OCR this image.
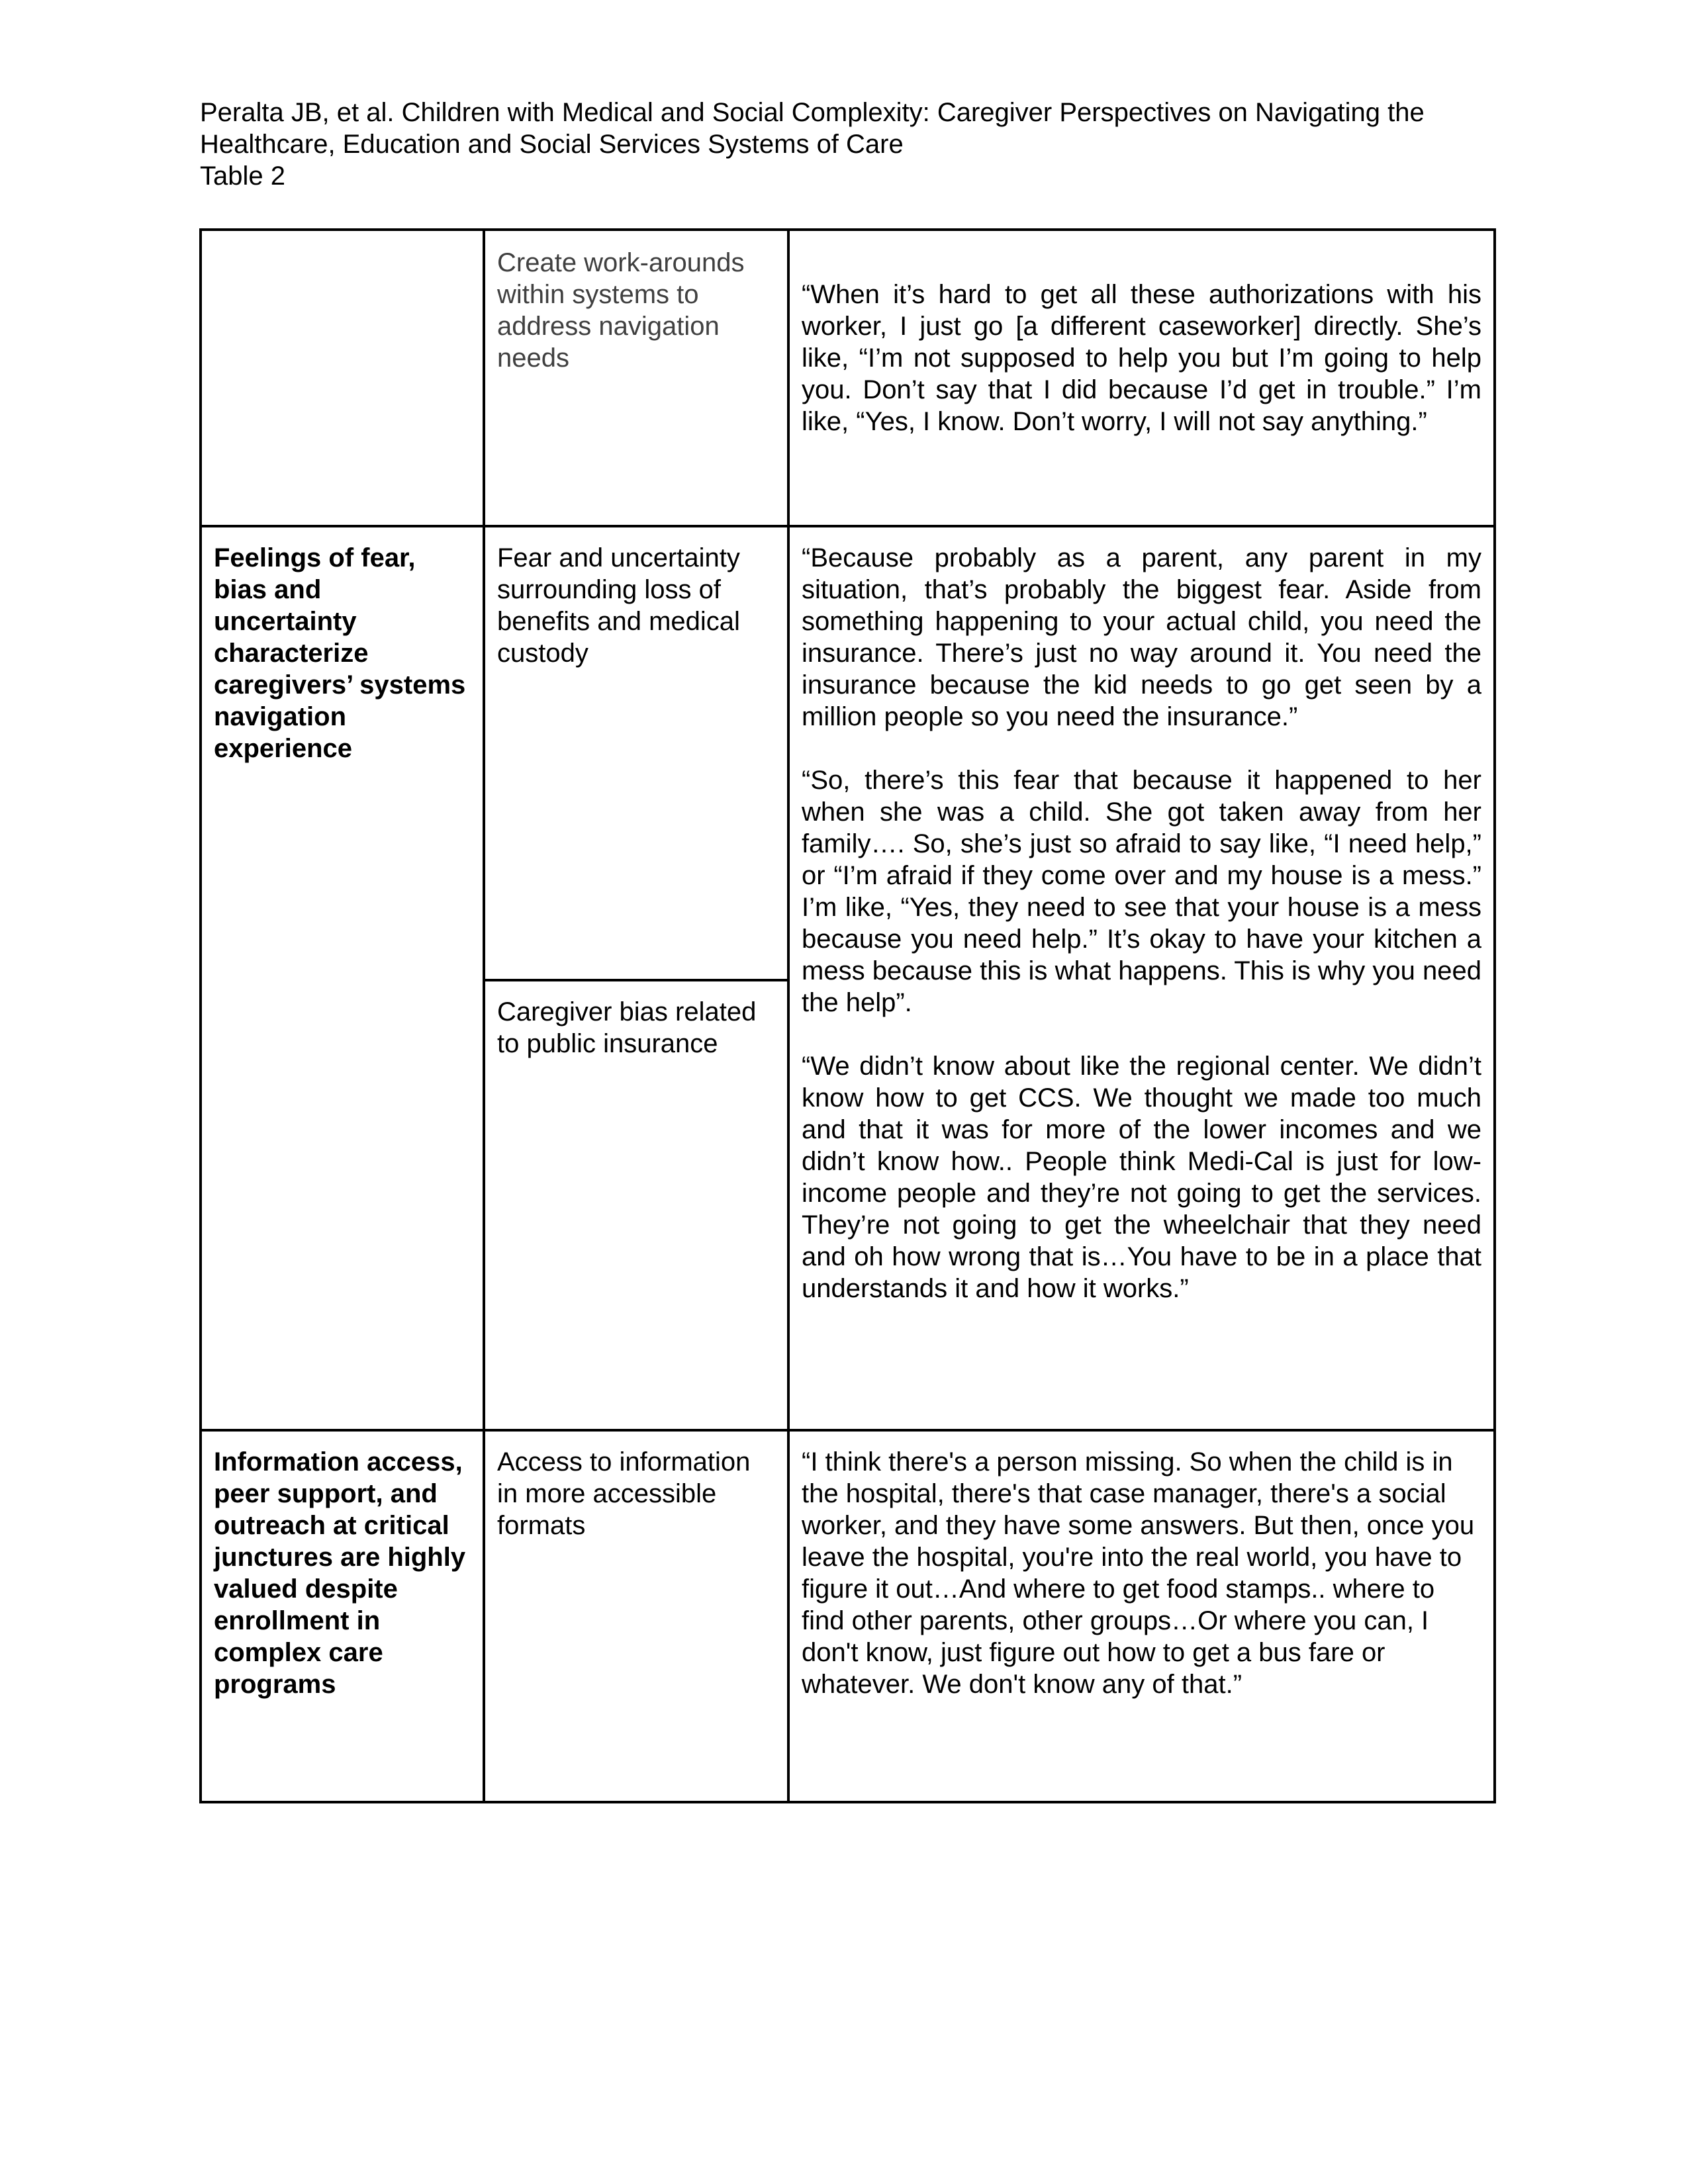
Peralta JB, et al. Children with Medical and Social Complexity: Caregiver Perspectives on Navigating the
Healthcare, Education and Social Services Systems of Care
Table 2
	Create work-arounds within systems to address navigation needs	“When it’s hard to get all these authorizations with his worker, I just go [a different caseworker] directly. She’s like, “I’m not supposed to help you but I’m going to help you. Don’t say that I did because I’d get in trouble.” I’m like, “Yes, I know. Don’t worry, I will not say anything.”

Feelings of fear, bias and uncertainty characterize caregivers’ systems navigation experience	Fear and uncertainty surrounding loss of benefits and medical custody	“Because probably as a parent, any parent in my situation, that’s probably the biggest fear. Aside from something happening to your actual child, you need the insurance. There’s just no way around it. You need the insurance because the kid needs to go get seen by a million people so you need the insurance.”
“So, there’s this fear that because it happened to her when she was a child. She got taken away from her family…. So, she’s just so afraid to say like, “I need help,” or “I’m afraid if they come over and my house is a mess.” I’m like, “Yes, they need to see that your house is a mess because you need help.” It’s okay to have your kitchen a mess because this is what happens. This is why you need the help”.
“We didn’t know about like the regional center. We didn’t know how to get CCS. We thought we made too much and that it was for more of the lower incomes and we didn’t know how.. People think Medi-Cal is just for low-income people and they’re not going to get the services. They’re not going to get the wheelchair that they need and oh how wrong that is…You have to be in a place that understands it and how it works.”

	Caregiver bias related to public insurance	
Information access, peer support, and outreach at critical junctures are highly valued despite enrollment in complex care programs	Access to information in more accessible formats	“I think there's a person missing. So when the child is in the hospital, there's that case manager, there's a social worker, and they have some answers. But then, once you leave the hospital, you're into the real world, you have to figure it out…And where to get food stamps.. where to find other parents, other groups…Or where you can, I don't know, just figure out how to get a bus fare or whatever. We don't know any of that.”
